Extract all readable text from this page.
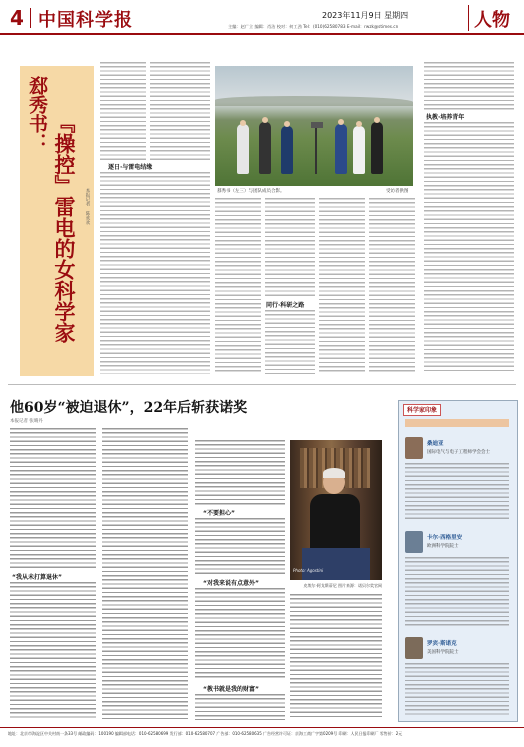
4 中国科学报	2023年11月9日 星期四
主编：赵广立 编辑：肖洁 校对：何工劲 Tel：(010)62580783 E-mail：rwzk@stimes.cn	人物
郄秀书： 『操控』雷电的女科学家 本报记者 陈欢欢
逐日·与雷电结缘
郄秀书（左三）与团队成员合影。	受访者供图
同行·科研之路
执教·培养青年
他60岁“被迫退休”，22年后斩获诺奖
本报记者 张晴丹
“我从未打算退休”
“不要担心”
“对我来说有点意外”
“教书就是我的财富”
Photo: Agostini
皮埃尔·阿戈斯蒂尼 图片来源：诺贝尔奖官网
科学家印象
桑迪亚
国际电气与电子工程师学会会士
卡尔·西格里安
欧洲科学院院士
罗宾·斯诺克
美国科学院院士
地址：北京市海淀区中关村南一条33号 邮政编码：100190 编辑部电话：010-62580699 发行部：010-62580707 广告部：010-62580635 广告经营许可证：京海工商广字第0209号 印刷：人民日报印刷厂 零售价：2元
